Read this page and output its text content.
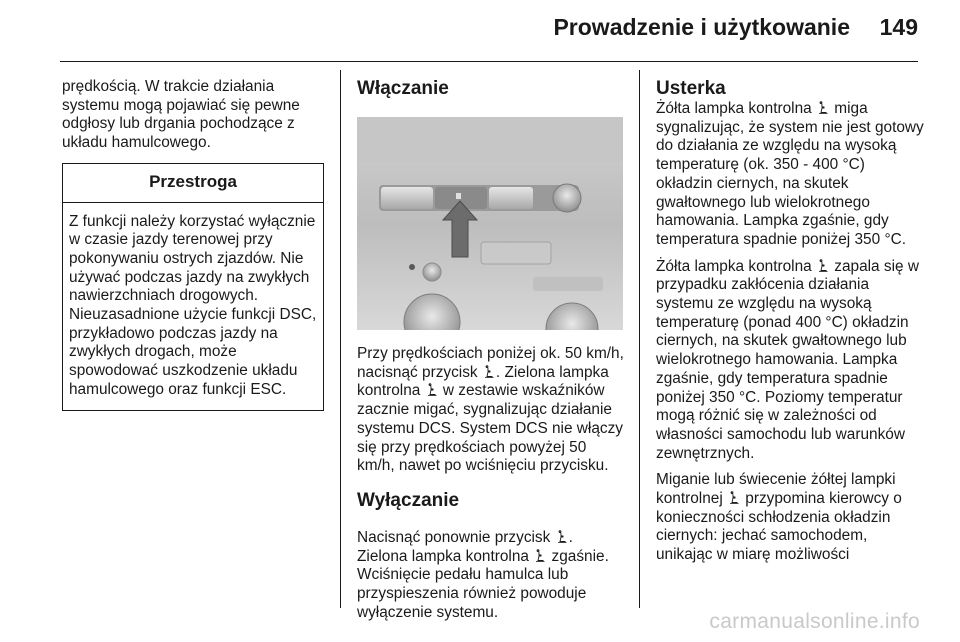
Prowadzenie i użytkowanie 149

prędkością. W trakcie działania systemu mogą pojawiać się pewne odgłosy lub drgania pochodzące z układu hamulcowego.

Przestroga
Z funkcji należy korzystać wyłącznie w czasie jazdy terenowej przy pokonywaniu ostrych zjazdów. Nie używać podczas jazdy na zwykłych nawierzchniach drogowych. Nieuzasadnione użycie funkcji DSC, przykładowo podczas jazdy na zwykłych drogach, może spowodować uszkodzenie układu hamulcowego oraz funkcji ESC.
Włączanie

Przy prędkościach poniżej ok. 50 km/h, nacisnąć przycisk . Zielona lampka kontrolna w zestawie wskaźników zacznie migać, sygnalizując działanie systemu DCS. System DCS nie włączy się przy prędkościach powyżej 50 km/h, nawet po wciśnięciu przycisku.

Wyłączanie

Nacisnąć ponownie przycisk . Zielona lampka kontrolna zgaśnie. Wciśnięcie pedału hamulca lub przyspieszenia również powoduje wyłączenie systemu.

Usterka

Żółta lampka kontrolna miga sygnalizując, że system nie jest gotowy do działania ze względu na wysoką temperaturę (ok. 350 - 400 °C) okładzin ciernych, na skutek gwałtownego lub wielokrotnego hamowania. Lampka zgaśnie, gdy temperatura spadnie poniżej 350 °C.

Żółta lampka kontrolna zapala się w przypadku zakłócenia działania systemu ze względu na wysoką temperaturę (ponad 400 °C) okładzin ciernych, na skutek gwałtownego lub wielokrotnego hamowania. Lampka zgaśnie, gdy temperatura spadnie poniżej 350 °C. Poziomy temperatur mogą różnić się w zależności od własności samochodu lub warunków zewnętrznych.

Miganie lub świecenie żółtej lampki kontrolnej przypomina kierowcy o konieczności schłodzenia okładzin ciernych: jechać samochodem, unikając w miarę możliwości

carmanualsonline.info
